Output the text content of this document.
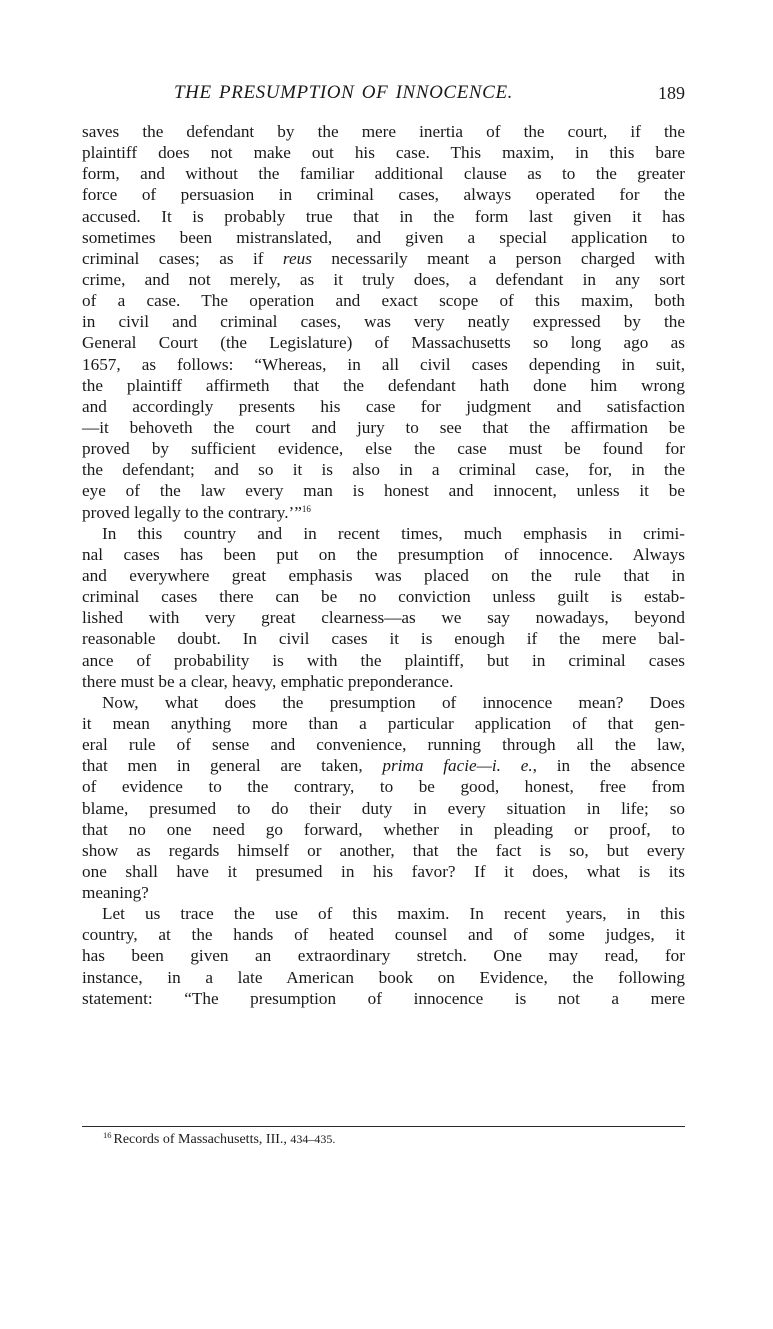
THE PRESUMPTION OF INNOCENCE.	189
saves the defendant by the mere inertia of the court, if the
plaintiff does not make out his case. This maxim, in this bare
form, and without the familiar additional clause as to the greater
force of persuasion in criminal cases, always operated for the
accused. It is probably true that in the form last given it has
sometimes been mistranslated, and given a special application to
criminal cases; as if reus necessarily meant a person charged with
crime, and not merely, as it truly does, a defendant in any sort
of a case. The operation and exact scope of this maxim, both
in civil and criminal cases, was very neatly expressed by the
General Court (the Legislature) of Massachusetts so long ago as
1657, as follows: “Whereas, in all civil cases depending in suit,
the plaintiff affirmeth that the defendant hath done him wrong
and accordingly presents his case for judgment and satisfaction
—it behoveth the court and jury to see that the affirmation be
proved by sufficient evidence, else the case must be found for
the defendant; and so it is also in a criminal case, for, in the
eye of the law every man is honest and innocent, unless it be
proved legally to the contrary.’”$^{16}$
In this country and in recent times, much emphasis in crimi-
nal cases has been put on the presumption of innocence. Always
and everywhere great emphasis was placed on the rule that in
criminal cases there can be no conviction unless guilt is estab-
lished with very great clearness—as we say nowadays, beyond
reasonable doubt. In civil cases it is enough if the mere bal-
ance of probability is with the plaintiff, but in criminal cases
there must be a clear, heavy, emphatic preponderance.
Now, what does the presumption of innocence mean? Does
it mean anything more than a particular application of that gen-
eral rule of sense and convenience, running through all the law,
that men in general are taken, prima facie—i. e., in the absence
of evidence to the contrary, to be good, honest, free from
blame, presumed to do their duty in every situation in life; so
that no one need go forward, whether in pleading or proof, to
show as regards himself or another, that the fact is so, but every
one shall have it presumed in his favor? If it does, what is its
meaning?
Let us trace the use of this maxim. In recent years, in this
country, at the hands of heated counsel and of some judges, it
has been given an extraordinary stretch. One may read, for
instance, in a late American book on Evidence, the following
statement: “The presumption of innocence is not a mere
$^{16}$ Records of Massachusetts, III., 434–435.
